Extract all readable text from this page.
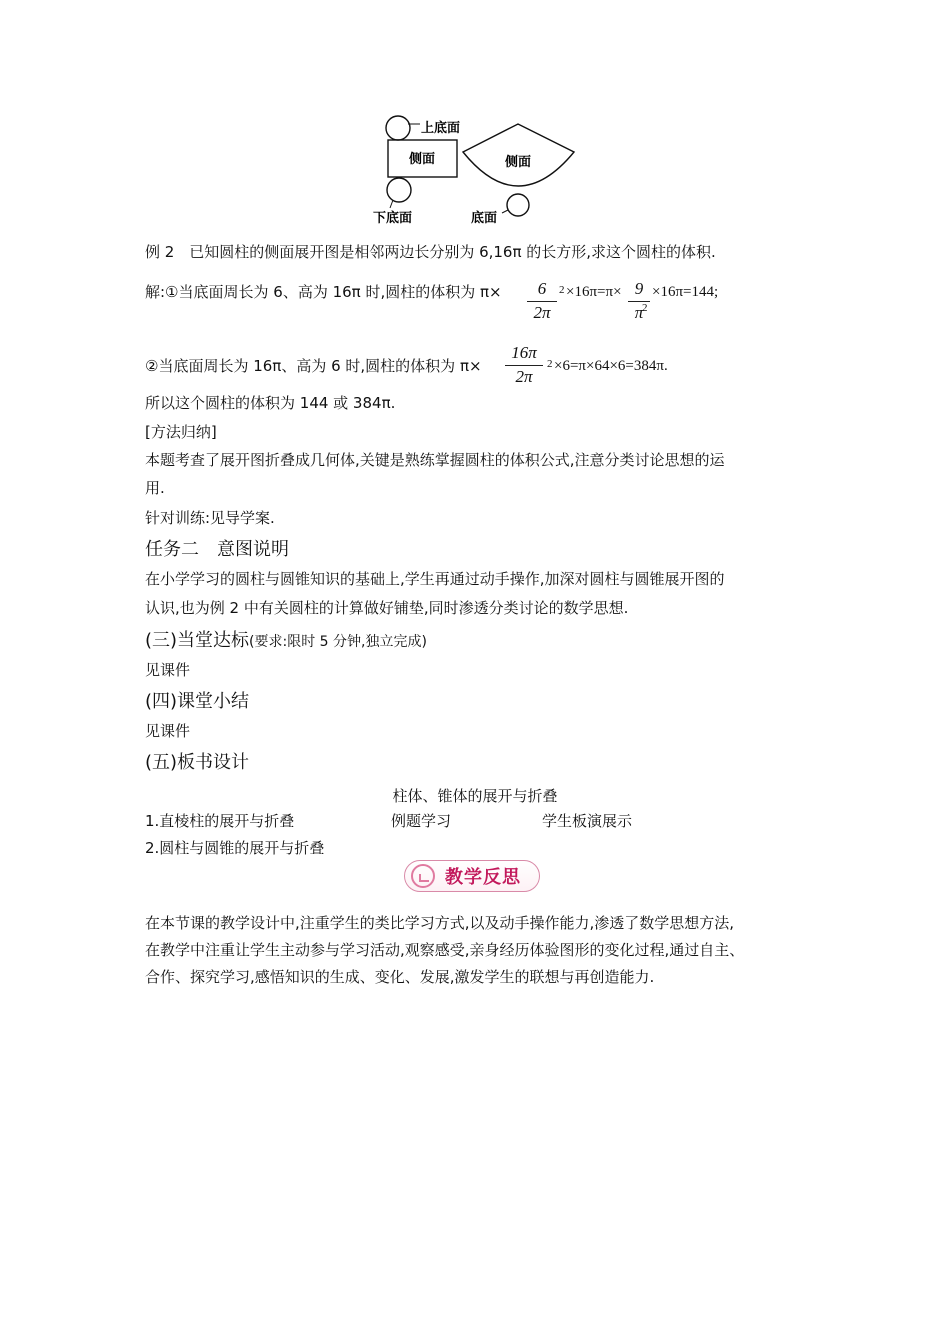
上底面
侧面	侧面
下底面	底面
例 2　已知圆柱的侧面展开图是相邻两边长分别为 6,16π 的长方形,求这个圆柱的体积.
解:①当底面周长为 6、高为 16π 时,圆柱的体积为 π×	6
2π
2 ×16π=π× 9
π
2
×16π=144;
②当底面周长为 16π、高为 6 时,圆柱的体积为 π×
16π
2π
2 ×6=π×64×6=384π.
所以这个圆柱的体积为 144 或 384π.
[方法归纳]
本题考查了展开图折叠成几何体,关键是熟练掌握圆柱的体积公式,注意分类讨论思想的运
用.
针对训练:见导学案.
任务二　意图说明
在小学学习的圆柱与圆锥知识的基础上,学生再通过动手操作,加深对圆柱与圆锥展开图的
认识,也为例 2 中有关圆柱的计算做好铺垫,同时渗透分类讨论的数学思想.
(三)当堂达标(要求:限时 5 分钟,独立完成)
见课件
(四)课堂小结
见课件
(五)板书设计
柱体、锥体的展开与折叠
1.直棱柱的展开与折叠	例题学习	学生板演展示
2.圆柱与圆锥的展开与折叠
教学反思
在本节课的教学设计中,注重学生的类比学习方式,以及动手操作能力,渗透了数学思想方法,
在教学中注重让学生主动参与学习活动,观察感受,亲身经历体验图形的变化过程,通过自主、
合作、探究学习,感悟知识的生成、变化、发展,激发学生的联想与再创造能力.
